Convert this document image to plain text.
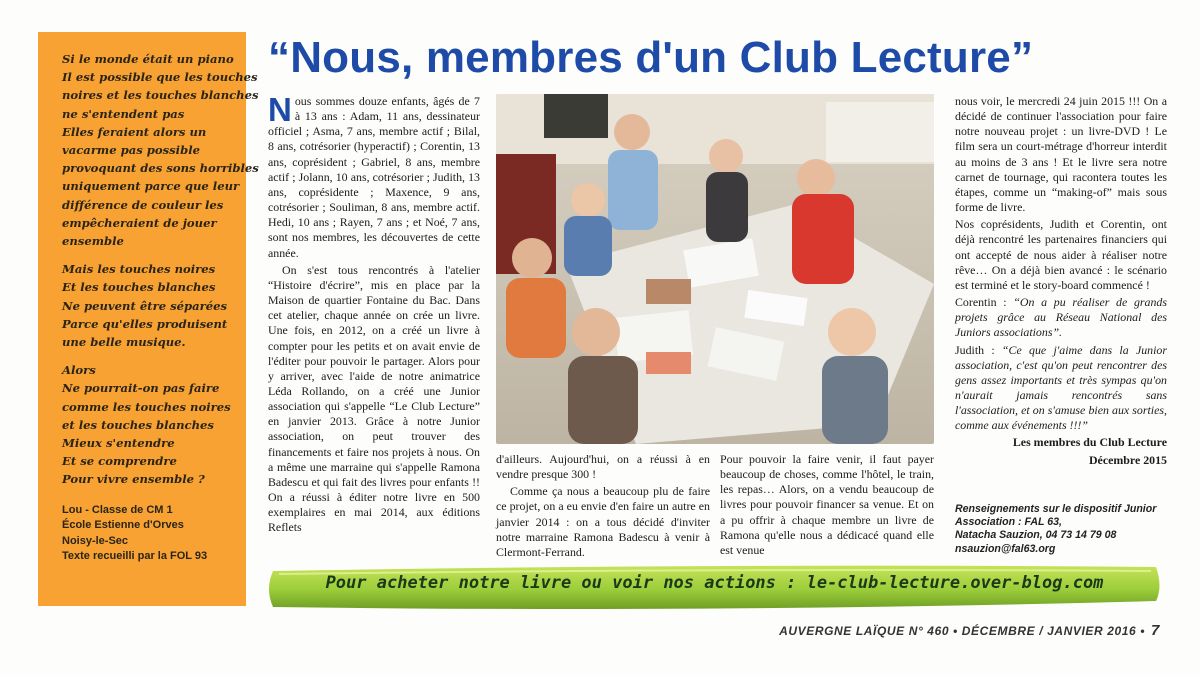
Si le monde était un piano
Il est possible que les touches
noires et les touches blanches
ne s'entendent pas
Elles feraient alors un
vacarme pas possible
provoquant des sons horribles
uniquement parce que leur
différence de couleur les
empêcheraient de jouer
ensemble
Mais les touches noires
Et les touches blanches
Ne peuvent être séparées
Parce qu'elles produisent
une belle musique.
Alors
Ne pourrait-on pas faire
comme les touches noires
et les touches blanches
Mieux s'entendre
Et se comprendre
Pour vivre ensemble ?
Lou - Classe de CM 1
École Estienne d'Orves
Noisy-le-Sec
Texte recueilli par la FOL 93
“Nous, membres d'un Club Lecture”

Nous sommes douze enfants, âgés de 7 à 13 ans : Adam, 11 ans, dessinateur officiel ; Asma, 7 ans, membre actif ; Bilal, 8 ans, cotrésorier (hyperactif) ; Corentin, 13 ans, coprésident ; Gabriel, 8 ans, membre actif ; Jolann, 10 ans, cotrésorier ; Judith, 13 ans, coprésidente ; Maxence, 9 ans, cotrésorier ; Souliman, 8 ans, membre actif. Hedi, 10 ans ; Rayen, 7 ans ; et Noé, 7 ans, sont nos membres, les découvertes de cette année.

On s'est tous rencontrés à l'atelier “Histoire d'écrire”, mis en place par la Maison de quartier Fontaine du Bac. Dans cet atelier, chaque année on crée un livre. Une fois, en 2012, on a créé un livre à compter pour les petits et on avait envie de l'éditer pour pouvoir le partager. Alors pour y arriver, avec l'aide de notre animatrice Léda Rollando, on a créé une Junior association qui s'appelle “Le Club Lecture” en janvier 2013. Grâce à notre Junior association, on peut trouver des financements et faire nos projets à nous. On a même une marraine qui s'appelle Ramona Badescu et qui fait des livres pour enfants !! On a réussi à éditer notre livre en 500 exemplaires en mai 2014, aux éditions Reflets

d'ailleurs. Aujourd'hui, on a réussi à en vendre presque 300 !

Comme ça nous a beaucoup plu de faire ce projet, on a eu envie d'en faire un autre en janvier 2014 : on a tous décidé d'inviter notre marraine Ramona Badescu à venir à Clermont-Ferrand.

Pour pouvoir la faire venir, il faut payer beaucoup de choses, comme l'hôtel, le train, les repas… Alors, on a vendu beaucoup de livres pour pouvoir financer sa venue. Et on a pu offrir à chaque membre un livre de Ramona qu'elle nous a dédicacé quand elle est venue

nous voir, le mercredi 24 juin 2015 !!! On a décidé de continuer l'association pour faire notre nouveau projet : un livre-DVD ! Le film sera un court-métrage d'horreur interdit au moins de 3 ans ! Et le livre sera notre carnet de tournage, qui racontera toutes les étapes, comme un “making-of” mais sous forme de livre.

Nos coprésidents, Judith et Corentin, ont déjà rencontré les partenaires financiers qui ont accepté de nous aider à réaliser notre rêve… On a déjà bien avancé : le scénario est terminé et le story-board commencé !

Corentin : “On a pu réaliser de grands projets grâce au Réseau National des Juniors associations”.

Judith : “Ce que j'aime dans la Junior association, c'est qu'on peut rencontrer des gens assez importants et très sympas qu'on n'aurait jamais rencontrés sans l'association, et on s'amuse bien aux sorties, comme aux événements !!!”

Les membres du Club Lecture

Décembre 2015

Renseignements sur le dispositif Junior
Association : FAL 63,
Natacha Sauzion, 04 73 14 79 08
nsauzion@fal63.org
Pour acheter notre livre ou voir nos actions : le-club-lecture.over-blog.com
AUVERGNE LAÏQUE N° 460 • DÉCEMBRE / JANVIER 2016 • 7
